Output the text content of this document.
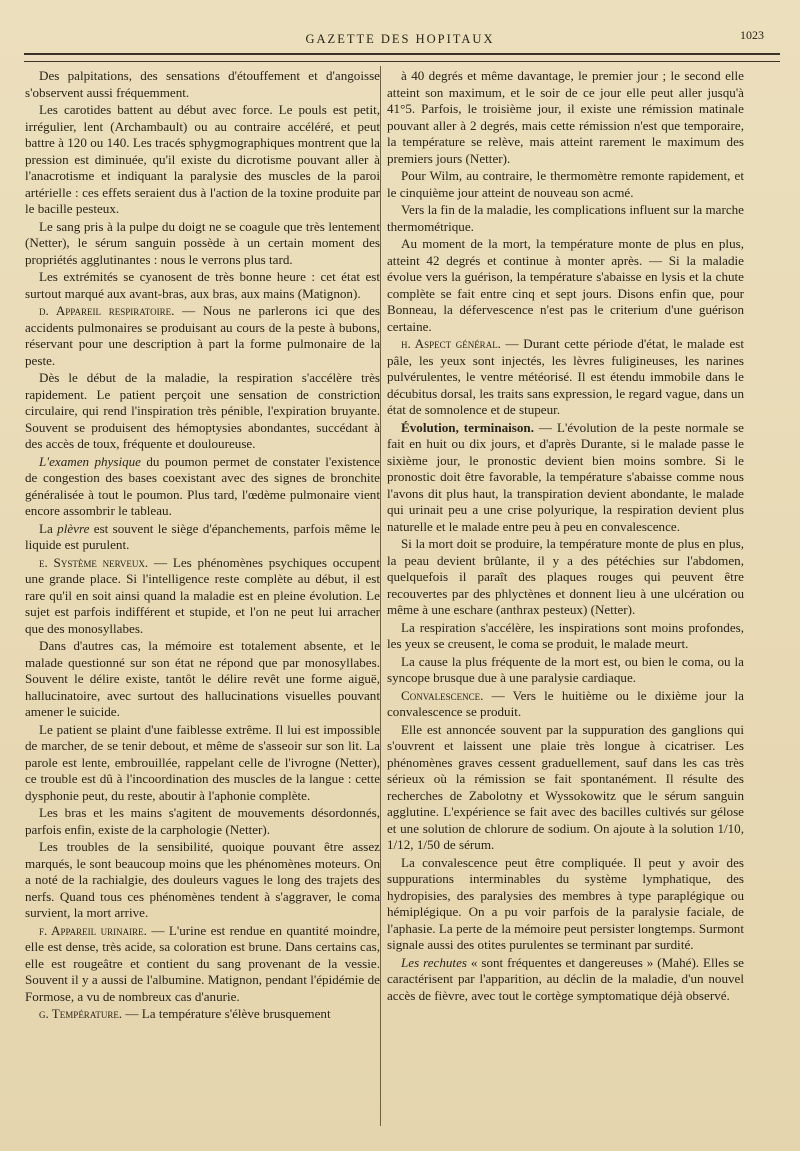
GAZETTE DES HOPITAUX	1023

Des palpitations, des sensations d'étouffement et d'angoisse s'observent aussi fréquemment.

Les carotides battent au début avec force. Le pouls est petit, irrégulier, lent (Archambault) ou au contraire accéléré, et peut battre à 120 ou 140. Les tracés sphygmographiques montrent que la pression est diminuée, qu'il existe du dicrotisme pouvant aller à l'anacrotisme et indiquant la paralysie des muscles de la paroi artérielle : ces effets seraient dus à l'action de la toxine produite par le bacille pesteux.

Le sang pris à la pulpe du doigt ne se coagule que très lentement (Netter), le sérum sanguin possède à un certain moment des propriétés agglutinantes : nous le verrons plus tard.

Les extrémités se cyanosent de très bonne heure : cet état est surtout marqué aux avant-bras, aux bras, aux mains (Matignon).

d. Appareil respiratoire. — Nous ne parlerons ici que des accidents pulmonaires se produisant au cours de la peste à bubons, réservant pour une description à part la forme pulmonaire de la peste.

Dès le début de la maladie, la respiration s'accélère très rapidement. Le patient perçoit une sensation de constriction circulaire, qui rend l'inspiration très pénible, l'expiration bruyante. Souvent se produisent des hémoptysies abondantes, succédant à des accès de toux, fréquente et douloureuse.

L'examen physique du poumon permet de constater l'existence de congestion des bases coexistant avec des signes de bronchite généralisée à tout le poumon. Plus tard, l'œdème pulmonaire vient encore assombrir le tableau.

La plèvre est souvent le siège d'épanchements, parfois même le liquide est purulent.

e. Système nerveux. — Les phénomènes psychiques occupent une grande place. Si l'intelligence reste complète au début, il est rare qu'il en soit ainsi quand la maladie est en pleine évolution. Le sujet est parfois indifférent et stupide, et l'on ne peut lui arracher que des monosyllabes.

Dans d'autres cas, la mémoire est totalement absente, et le malade questionné sur son état ne répond que par monosyllabes. Souvent le délire existe, tantôt le délire revêt une forme aiguë, hallucinatoire, avec surtout des hallucinations visuelles pouvant amener le suicide.

Le patient se plaint d'une faiblesse extrême. Il lui est impossible de marcher, de se tenir debout, et même de s'asseoir sur son lit. La parole est lente, embrouillée, rappelant celle de l'ivrogne (Netter), ce trouble est dû à l'incoordination des muscles de la langue : cette dysphonie peut, du reste, aboutir à l'aphonie complète.

Les bras et les mains s'agitent de mouvements désordonnés, parfois enfin, existe de la carphologie (Netter).

Les troubles de la sensibilité, quoique pouvant être assez marqués, le sont beaucoup moins que les phénomènes moteurs. On a noté de la rachialgie, des douleurs vagues le long des trajets des nerfs. Quand tous ces phénomènes tendent à s'aggraver, le coma survient, la mort arrive.

f. Appareil urinaire. — L'urine est rendue en quantité moindre, elle est dense, très acide, sa coloration est brune. Dans certains cas, elle est rougeâtre et contient du sang provenant de la vessie. Souvent il y a aussi de l'albumine. Matignon, pendant l'épidémie de Formose, a vu de nombreux cas d'anurie.

g. Température. — La température s'élève brusquement

à 40 degrés et même davantage, le premier jour ; le second elle atteint son maximum, et le soir de ce jour elle peut aller jusqu'à 41°5. Parfois, le troisième jour, il existe une rémission matinale pouvant aller à 2 degrés, mais cette rémission n'est que temporaire, la température se relève, mais atteint rarement le maximum des premiers jours (Netter).

Pour Wilm, au contraire, le thermomètre remonte rapidement, et le cinquième jour atteint de nouveau son acmé.

Vers la fin de la maladie, les complications influent sur la marche thermométrique.

Au moment de la mort, la température monte de plus en plus, atteint 42 degrés et continue à monter après. — Si la maladie évolue vers la guérison, la température s'abaisse en lysis et la chute complète se fait entre cinq et sept jours. Disons enfin que, pour Bonneau, la défervescence n'est pas le criterium d'une guérison certaine.

h. Aspect général. — Durant cette période d'état, le malade est pâle, les yeux sont injectés, les lèvres fuligineuses, les narines pulvérulentes, le ventre météorisé. Il est étendu immobile dans le décubitus dorsal, les traits sans expression, le regard vague, dans un état de somnolence et de stupeur.

Évolution, terminaison. — L'évolution de la peste normale se fait en huit ou dix jours, et d'après Durante, si le malade passe le sixième jour, le pronostic devient bien moins sombre. Si le pronostic doit être favorable, la température s'abaisse comme nous l'avons dit plus haut, la transpiration devient abondante, le malade qui urinait peu a une crise polyurique, la respiration devient plus naturelle et le malade entre peu à peu en convalescence.

Si la mort doit se produire, la température monte de plus en plus, la peau devient brûlante, il y a des pétéchies sur l'abdomen, quelquefois il paraît des plaques rouges qui peuvent être recouvertes par des phlyctènes et donnent lieu à une ulcération ou même à une eschare (anthrax pesteux) (Netter).

La respiration s'accélère, les inspirations sont moins profondes, les yeux se creusent, le coma se produit, le malade meurt.

La cause la plus fréquente de la mort est, ou bien le coma, ou la syncope brusque due à une paralysie cardiaque.

Convalescence. — Vers le huitième ou le dixième jour la convalescence se produit.

Elle est annoncée souvent par la suppuration des ganglions qui s'ouvrent et laissent une plaie très longue à cicatriser. Les phénomènes graves cessent graduellement, sauf dans les cas très sérieux où la rémission se fait spontanément. Il résulte des recherches de Zabolotny et Wyssokowitz que le sérum sanguin agglutine. L'expérience se fait avec des bacilles cultivés sur gélose et une solution de chlorure de sodium. On ajoute à la solution 1/10, 1/12, 1/50 de sérum.

La convalescence peut être compliquée. Il peut y avoir des suppurations interminables du système lymphatique, des hydropisies, des paralysies des membres à type paraplégique ou hémiplégique. On a pu voir parfois de la paralysie faciale, de l'aphasie. La perte de la mémoire peut persister longtemps. Surmont signale aussi des otites purulentes se terminant par surdité.

Les rechutes « sont fréquentes et dangereuses » (Mahé). Elles se caractérisent par l'apparition, au déclin de la maladie, d'un nouvel accès de fièvre, avec tout le cortège symptomatique déjà observé.
